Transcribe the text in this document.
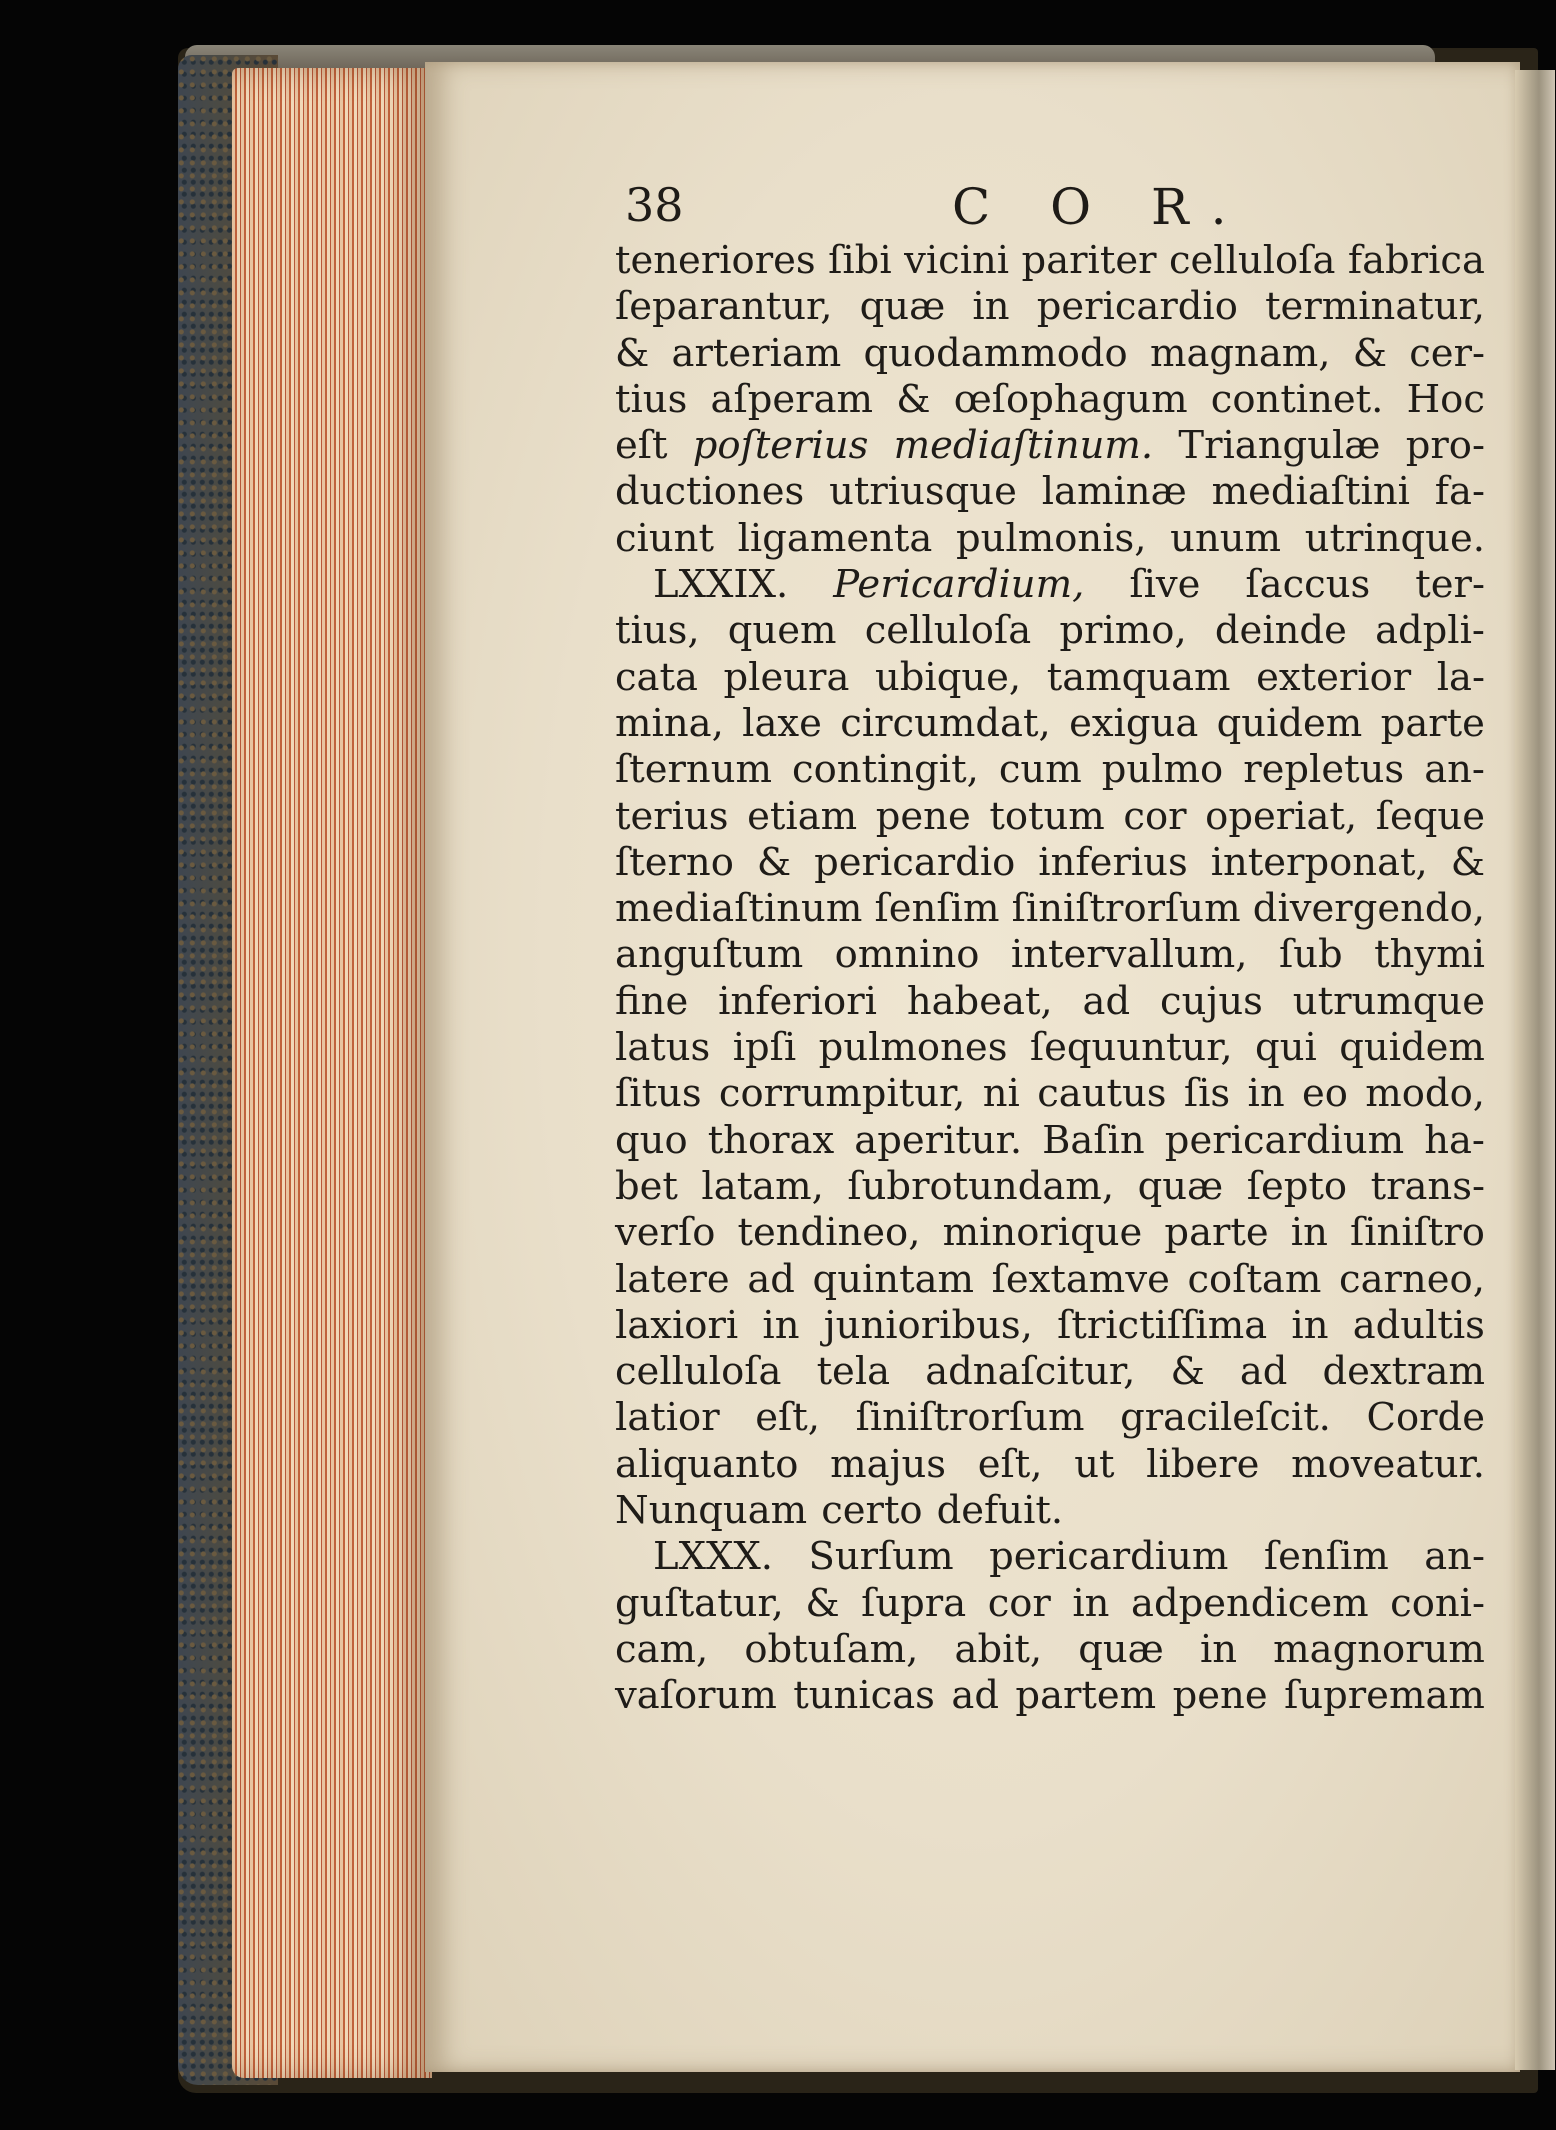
38	C O R.
teneriores ſibi vicini pariter celluloſa fabrica
ſeparantur, quæ in pericardio terminatur,
& arteriam quodammodo magnam, & cer-
tius aſperam & œſophagum continet. Hoc
eſt poſterius mediaſtinum. Triangulæ pro-
ductiones utriusque laminæ mediaſtini fa-
ciunt ligamenta pulmonis, unum utrinque.
LXXIX. Pericardium, ſive ſaccus ter-
tius, quem celluloſa primo, deinde adpli-
cata pleura ubique, tamquam exterior la-
mina, laxe circumdat, exigua quidem parte
ſternum contingit, cum pulmo repletus an-
terius etiam pene totum cor operiat, ſeque
ſterno & pericardio inferius interponat, &
mediaſtinum ſenſim ſiniſtrorſum divergendo,
anguſtum omnino intervallum, ſub thymi
fine inferiori habeat, ad cujus utrumque
latus ipſi pulmones ſequuntur, qui quidem
ſitus corrumpitur, ni cautus ſis in eo modo,
quo thorax aperitur. Baſin pericardium ha-
bet latam, ſubrotundam, quæ ſepto trans-
verſo tendineo, minorique parte in ſiniſtro
latere ad quintam ſextamve coſtam carneo,
laxiori in junioribus, ſtrictiſſima in adultis
celluloſa tela adnaſcitur, & ad dextram
latior eſt, ſiniſtrorſum gracileſcit. Corde
aliquanto majus eſt, ut libere moveatur.
Nunquam certo defuit.
LXXX. Surſum pericardium ſenſim an-
guſtatur, & ſupra cor in adpendicem coni-
cam, obtuſam, abit, quæ in magnorum
vaſorum tunicas ad partem pene ſupremam
